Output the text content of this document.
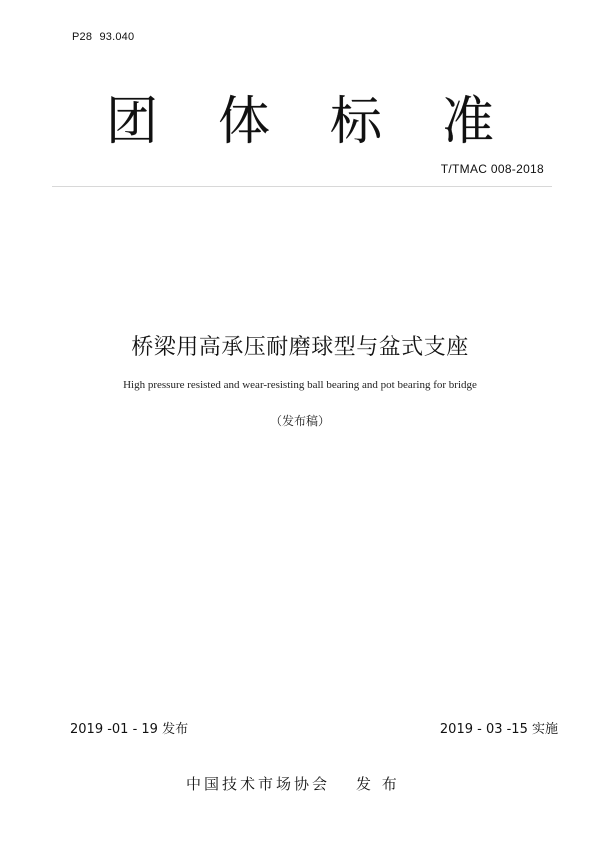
P28 93.040
团	体	标	准
T/TMAC 008-2018
桥梁用高承压耐磨球型与盆式支座
High pressure resisted and wear-resisting ball bearing and pot bearing for bridge
（发布稿）
2019 -01 - 19 发布	2019 - 03 -15 实施
中国技术市场协会 发 布
